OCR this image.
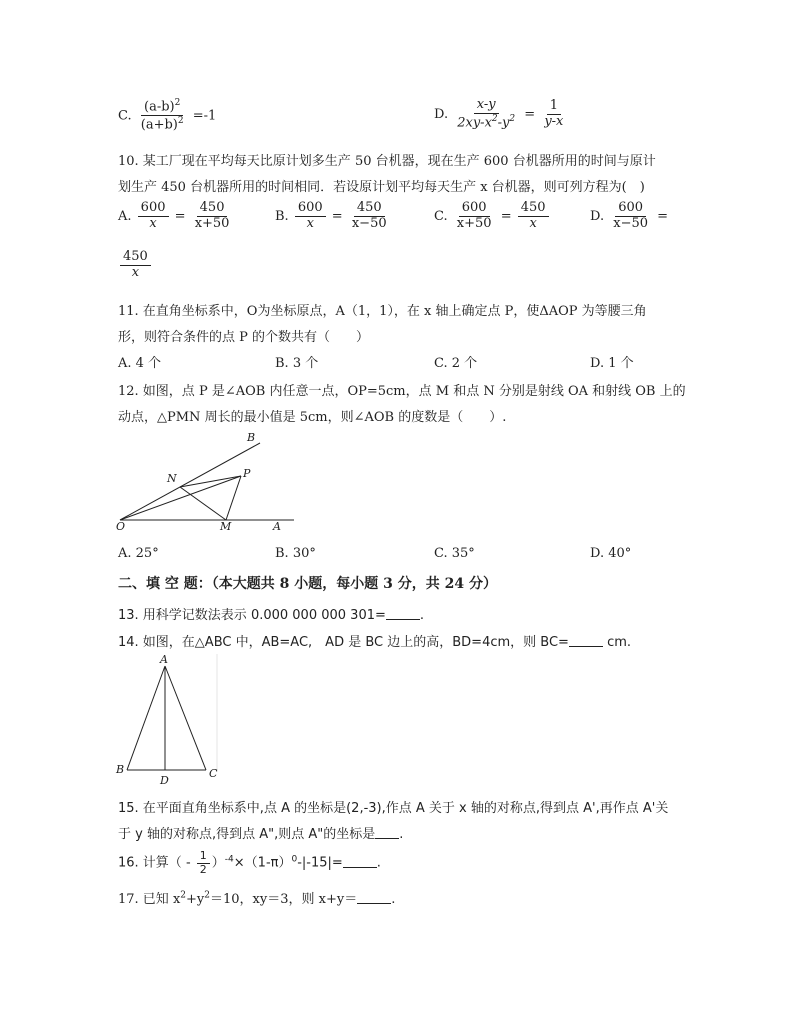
C. $\frac{(a-b)^2}{(a+b)^2} =-1$	D. $\frac{x-y}{2xy-x^2-y^2} = \frac{1}{y-x}$
10. 某工厂现在平均每天比原计划多生产 50 台机器，现在生产 600 台机器所用的时间与原计
划生产 450 台机器所用的时间相同．若设原计划平均每天生产 x 台机器，则可列方程为(　)
A. $\frac{600}{x} = \frac{450}{x+50}$	B. $\frac{600}{x} = \frac{450}{x-50}$	C. $\frac{600}{x+50} = \frac{450}{x}$	D. $\frac{600}{x-50}$ =
$\frac{450}{x}$
11. 在直角坐标系中，O为坐标原点，A（1，1），在 x 轴上确定点 P，使ΔAOP 为等腰三角
形，则符合条件的点 P 的个数共有（　　）
A. 4 个	B. 3 个	C. 2 个	D. 1 个
12. 如图，点 P 是∠AOB 内任意一点，OP=5cm，点 M 和点 N 分别是射线 OA 和射线 OB 上的
动点，△PMN 周长的最小值是 5cm，则∠AOB 的度数是（　　）.
B
N	P
O	M	A
A. 25°	B. 30°	C. 35°	D. 40°
二、填 空 题：（本大题共 8 小题，每小题 3 分，共 24 分）
13. 用科学记数法表示 0.000 000 000 301=	.
14. 如图，在△ABC 中，AB=AC,　AD 是 BC 边上的高，BD=4cm，则 BC=	cm.
A
B	C
D
15. 在平面直角坐标系中,点 A 的坐标是(2,-3),作点 A 关于 x 轴的对称点,得到点 A',再作点 A'关
于 y 轴的对称点,得到点 A",则点 A"的坐标是 .
16. 计算（ - $\frac{1}{2} )^{-4}\times(1-\pi)^0-|-15|=$	.
17. 已知 $x^2+y^2=10$，xy＝3，则 x+y＝	.
